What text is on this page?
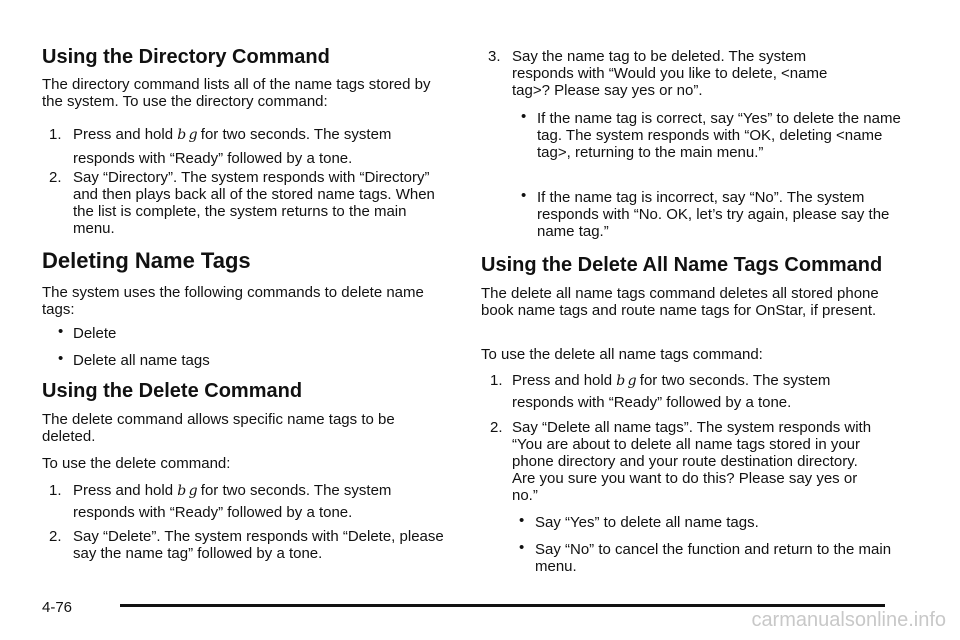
Using the Directory Command

The directory command lists all of the name tags stored by the system. To use the directory command:

1. Press and hold b g for two seconds. The system responds with “Ready” followed by a tone.
2. Say “Directory”. The system responds with “Directory” and then plays back all of the stored name tags. When the list is complete, the system returns to the main menu.
Deleting Name Tags

The system uses the following commands to delete name tags:

• Delete
• Delete all name tags
Using the Delete Command

The delete command allows specific name tags to be deleted.

To use the delete command:

1. Press and hold b g for two seconds. The system responds with “Ready” followed by a tone.
2. Say “Delete”. The system responds with “Delete, please say the name tag” followed by a tone.
3. Say the name tag to be deleted. The system responds with “Would you like to delete, <name tag>? Please say yes or no”.
• If the name tag is correct, say “Yes” to delete the name tag. The system responds with “OK, deleting <name tag>, returning to the main menu.”
• If the name tag is incorrect, say “No”. The system responds with “No. OK, let’s try again, please say the name tag.”
Using the Delete All Name Tags Command

The delete all name tags command deletes all stored phone book name tags and route name tags for OnStar, if present.

To use the delete all name tags command:

1. Press and hold b g for two seconds. The system responds with “Ready” followed by a tone.
2. Say “Delete all name tags”. The system responds with “You are about to delete all name tags stored in your phone directory and your route destination directory. Are you sure you want to do this? Please say yes or no.”
• Say “Yes” to delete all name tags.
• Say “No” to cancel the function and return to the main menu.
4-76
carmanualsonline.info
